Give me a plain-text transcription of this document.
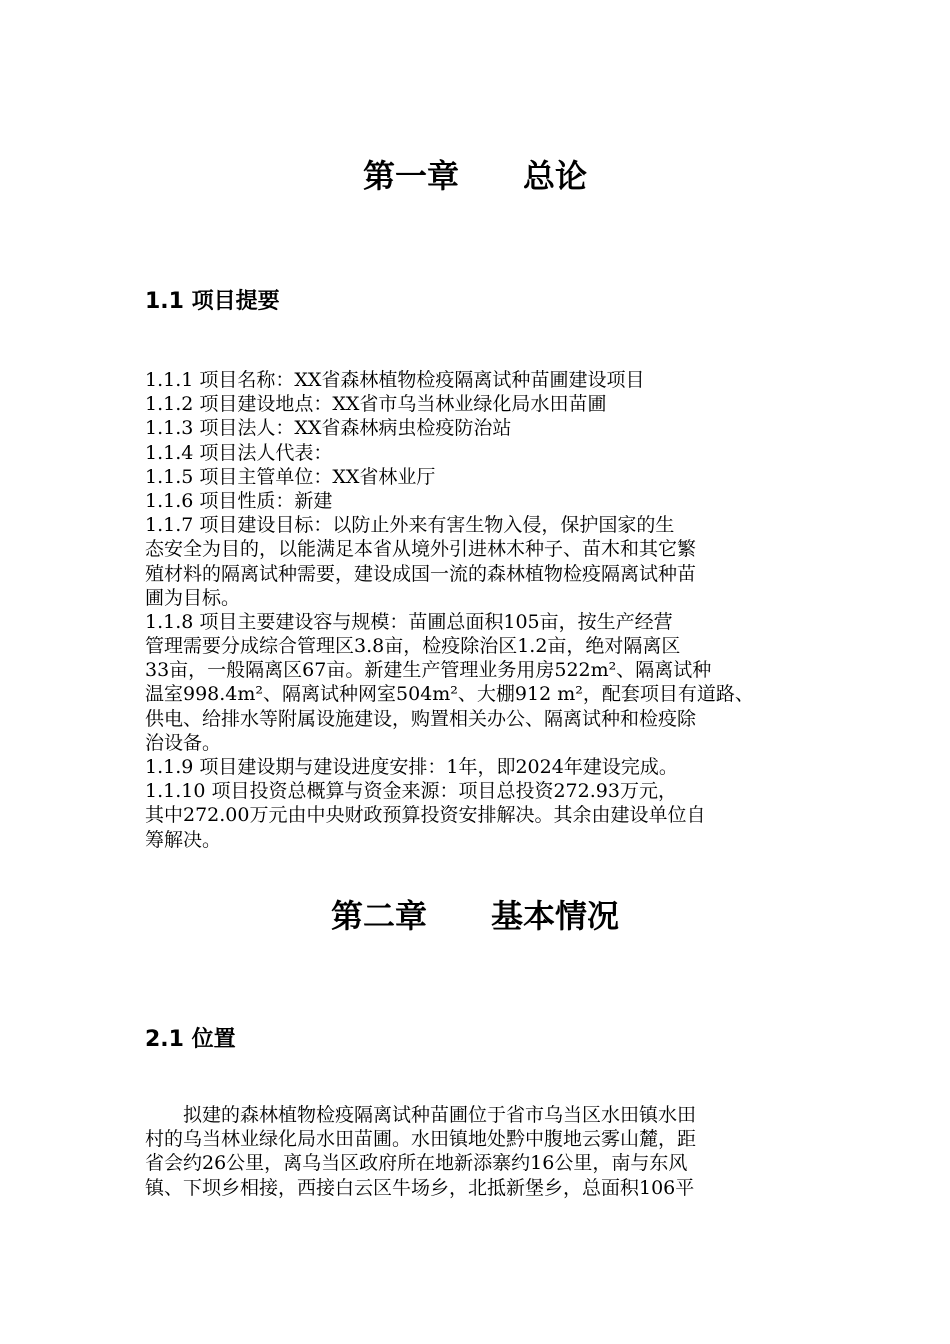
第一章　　总论
1.1 项目提要
1.1.1 项目名称：XX省森林植物检疫隔离试种苗圃建设项目
1.1.2 项目建设地点：XX省市乌当林业绿化局水田苗圃
1.1.3 项目法人：XX省森林病虫检疫防治站
1.1.4 项目法人代表：
1.1.5 项目主管单位：XX省林业厅
1.1.6 项目性质：新建
1.1.7 项目建设目标：以防止外来有害生物入侵，保护国家的生
态安全为目的，以能满足本省从境外引进林木种子、苗木和其它繁
殖材料的隔离试种需要，建设成国一流的森林植物检疫隔离试种苗
圃为目标。
1.1.8 项目主要建设容与规模：苗圃总面积105亩，按生产经营
管理需要分成综合管理区3.8亩，检疫除治区1.2亩，绝对隔离区
33亩，一般隔离区67亩。新建生产管理业务用房522m²、隔离试种
温室998.4m²、隔离试种网室504m²、大棚912 m²，配套项目有道路、
供电、给排水等附属设施建设，购置相关办公、隔离试种和检疫除
治设备。
1.1.9 项目建设期与建设进度安排：1年，即2024年建设完成。
1.1.10 项目投资总概算与资金来源：项目总投资272.93万元，
其中272.00万元由中央财政预算投资安排解决。其余由建设单位自
筹解决。
第二章　　基本情况
2.1 位置
　　拟建的森林植物检疫隔离试种苗圃位于省市乌当区水田镇水田
村的乌当林业绿化局水田苗圃。水田镇地处黔中腹地云雾山麓，距
省会约26公里，离乌当区政府所在地新添寨约16公里，南与东风
镇、下坝乡相接，西接白云区牛场乡，北抵新堡乡，总面积106平
